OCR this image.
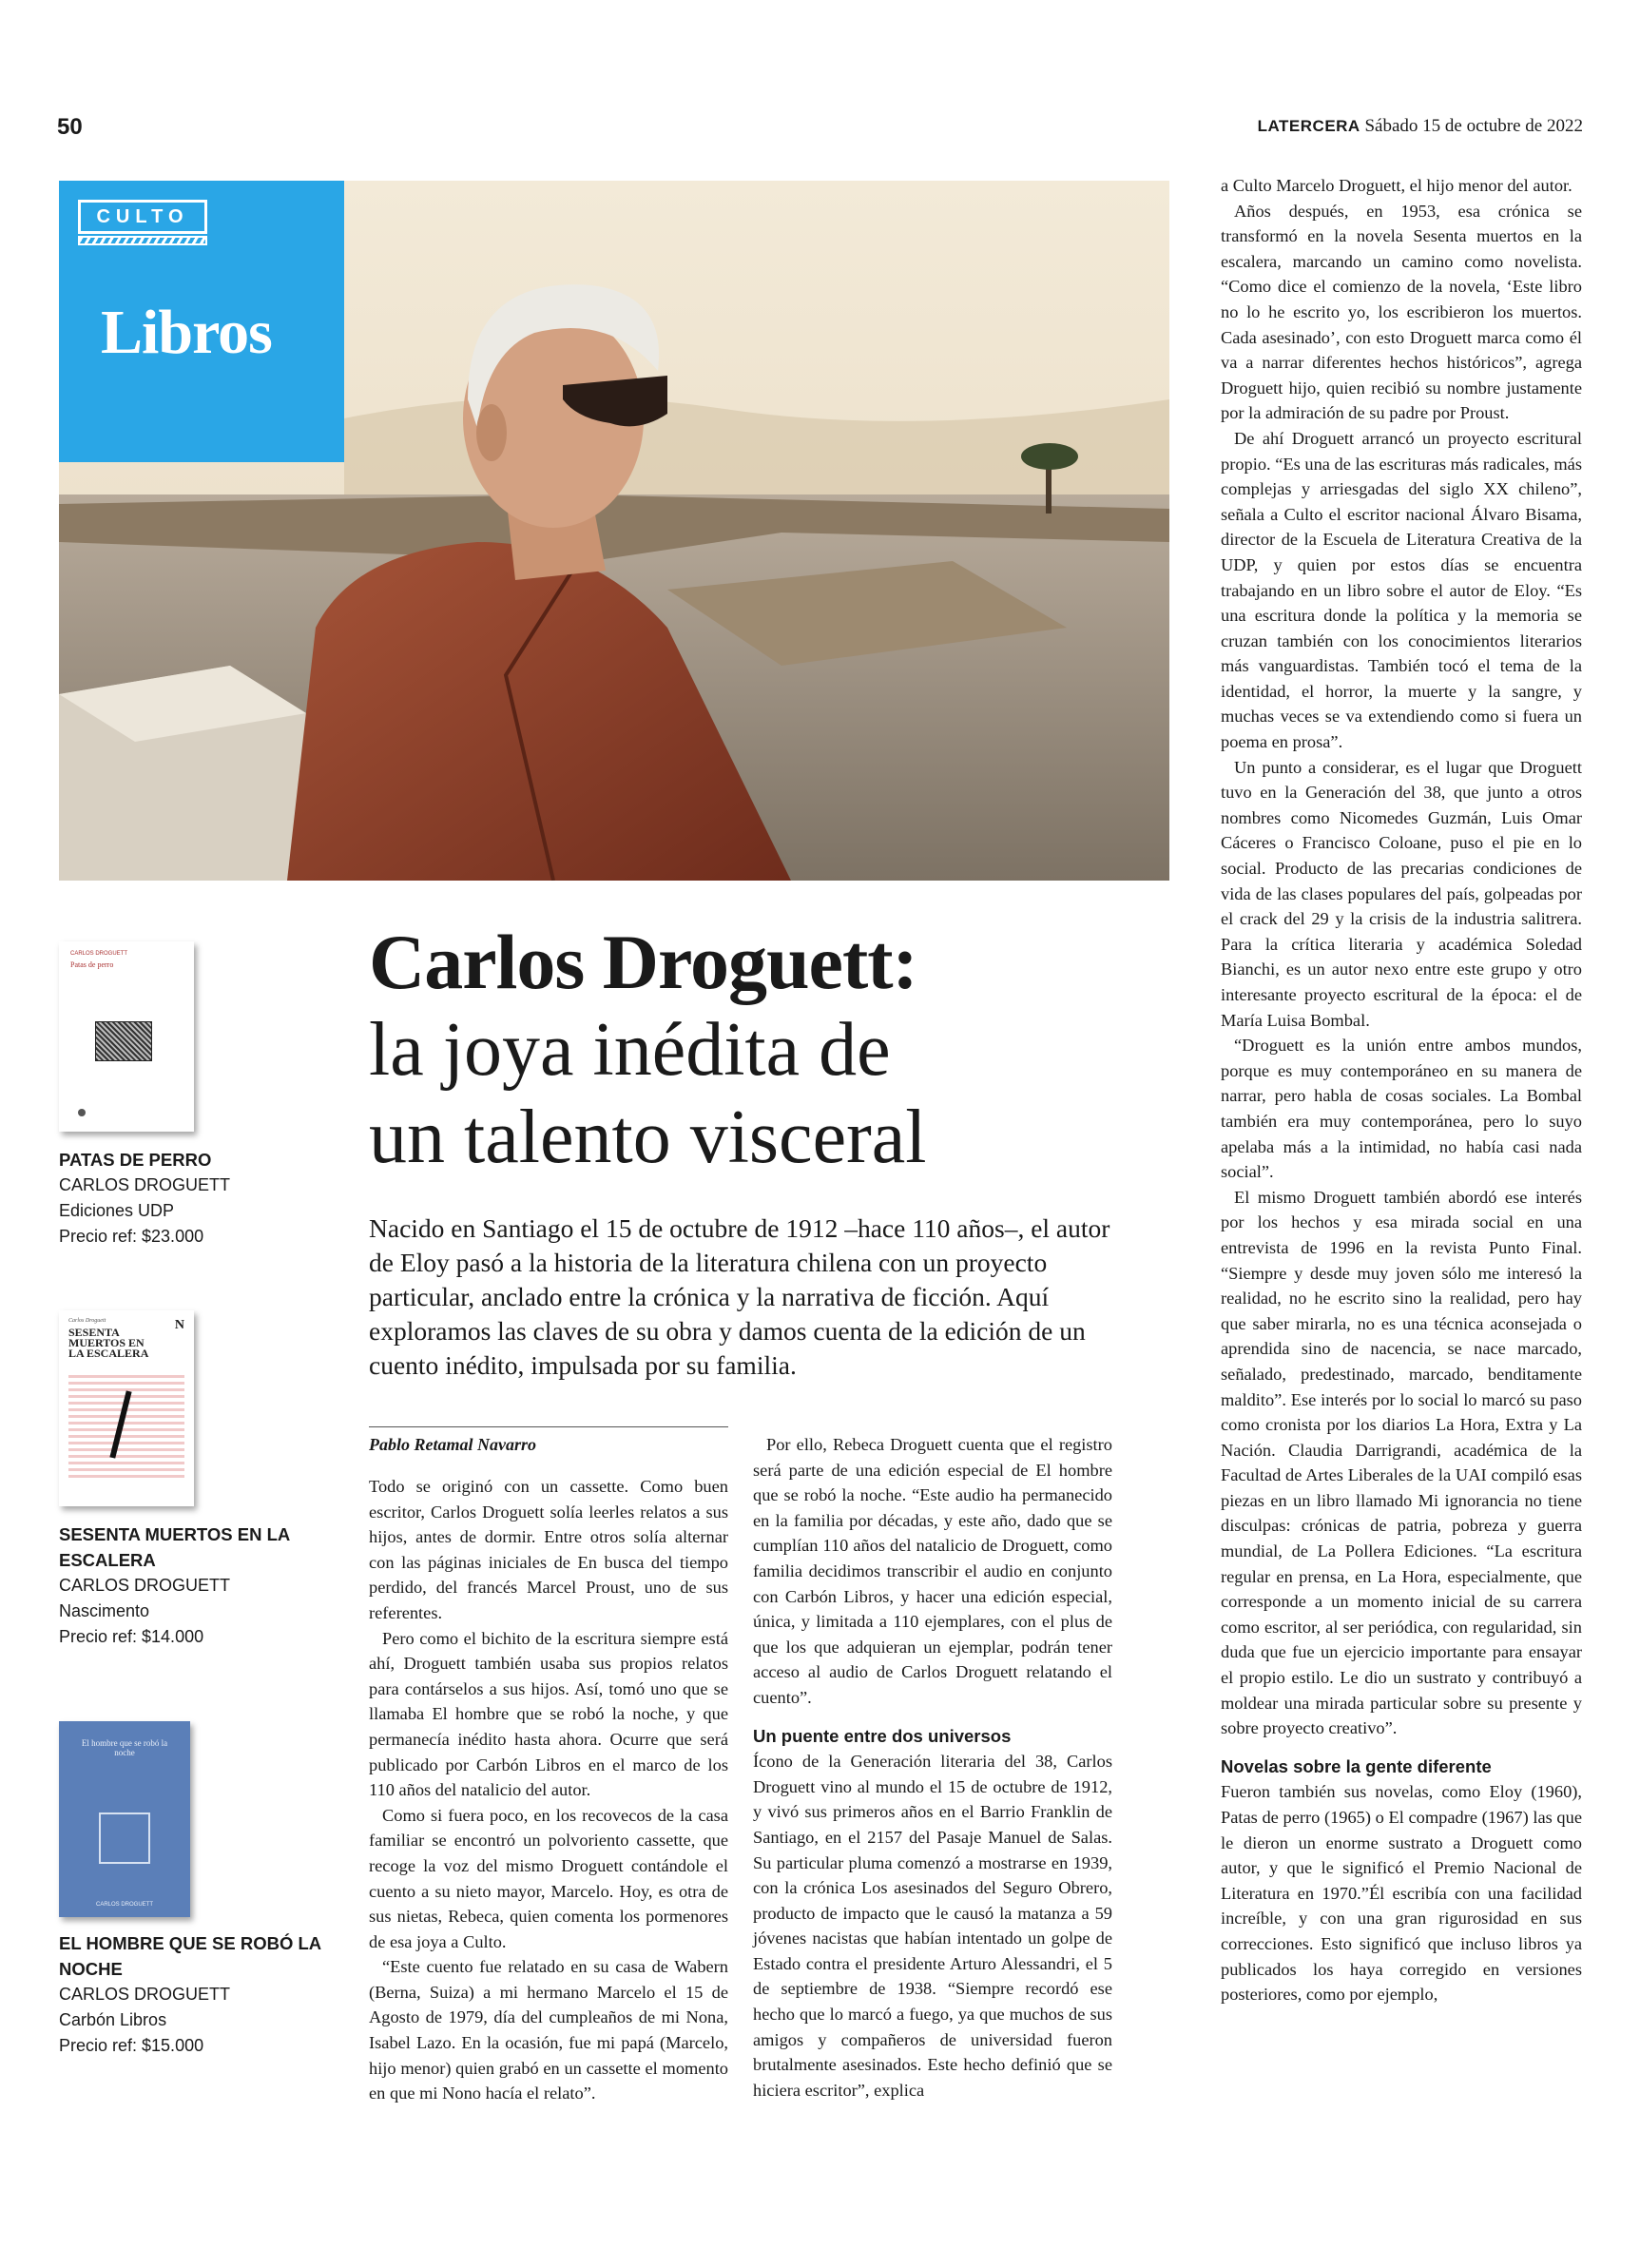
50	LATERCERA Sábado 15 de octubre de 2022
CULTO
Libros
CARLOS DROGUETT
Patas de perro
PATAS DE PERRO
CARLOS DROGUETT
Ediciones UDP
Precio ref: $23.000
Carlos Droguett
SESENTA MUERTOS EN LA ESCALERA
N
SESENTA MUERTOS EN LA ESCALERA
CARLOS DROGUETT
Nascimento
Precio ref: $14.000
El hombre que se robó la noche
CARLOS DROGUETT
EL HOMBRE QUE SE ROBÓ LA NOCHE
CARLOS DROGUETT
Carbón Libros
Precio ref: $15.000
Carlos Droguett:
la joya inédita de
un talento visceral
Nacido en Santiago el 15 de octubre de 1912 –hace 110 años–, el autor de Eloy pasó a la historia de la literatura chilena con un proyecto particular, anclado entre la crónica y la narrativa de ficción. Aquí exploramos las claves de su obra y damos cuenta de la edición de un cuento inédito, impulsada por su familia.
Pablo Retamal Navarro

Todo se originó con un cassette. Como buen escritor, Carlos Droguett solía leerles relatos a sus hijos, antes de dormir. Entre otros solía alternar con las páginas iniciales de En busca del tiempo perdido, del francés Marcel Proust, uno de sus referentes.

Pero como el bichito de la escritura siempre está ahí, Droguett también usaba sus propios relatos para contárselos a sus hijos. Así, tomó uno que se llamaba El hombre que se robó la noche, y que permanecía inédito hasta ahora. Ocurre que será publicado por Carbón Libros en el marco de los 110 años del natalicio del autor.

Como si fuera poco, en los recovecos de la casa familiar se encontró un polvoriento cassette, que recoge la voz del mismo Droguett contándole el cuento a su nieto mayor, Marcelo. Hoy, es otra de sus nietas, Rebeca, quien comenta los pormenores de esa joya a Culto.

“Este cuento fue relatado en su casa de Wabern (Berna, Suiza) a mi hermano Marcelo el 15 de Agosto de 1979, día del cumpleaños de mi Nona, Isabel Lazo. En la ocasión, fue mi papá (Marcelo, hijo menor) quien grabó en un cassette el momento en que mi Nono hacía el relato”.

Por ello, Rebeca Droguett cuenta que el registro será parte de una edición especial de El hombre que se robó la noche. “Este audio ha permanecido en la familia por décadas, y este año, dado que se cumplían 110 años del natalicio de Droguett, como familia decidimos transcribir el audio en conjunto con Carbón Libros, y hacer una edición especial, única, y limitada a 110 ejemplares, con el plus de que los que adquieran un ejemplar, podrán tener acceso al audio de Carlos Droguett relatando el cuento”.

Un puente entre dos universos

Ícono de la Generación literaria del 38, Carlos Droguett vino al mundo el 15 de octubre de 1912, y vivó sus primeros años en el Barrio Franklin de Santiago, en el 2157 del Pasaje Manuel de Salas. Su particular pluma comenzó a mostrarse en 1939, con la crónica Los asesinados del Seguro Obrero, producto de impacto que le causó la matanza a 59 jóvenes nacistas que habían intentado un golpe de Estado contra el presidente Arturo Alessandri, el 5 de septiembre de 1938. “Siempre recordó ese hecho que lo marcó a fuego, ya que muchos de sus amigos y compañeros de universidad fueron brutalmente asesinados. Este hecho definió que se hiciera escritor”, explica

a Culto Marcelo Droguett, el hijo menor del autor.

Años después, en 1953, esa crónica se transformó en la novela Sesenta muertos en la escalera, marcando un camino como novelista. “Como dice el comienzo de la novela, ‘Este libro no lo he escrito yo, los escribieron los muertos. Cada asesinado’, con esto Droguett marca como él va a narrar diferentes hechos históricos”, agrega Droguett hijo, quien recibió su nombre justamente por la admiración de su padre por Proust.

De ahí Droguett arrancó un proyecto escritural propio. “Es una de las escrituras más radicales, más complejas y arriesgadas del siglo XX chileno”, señala a Culto el escritor nacional Álvaro Bisama, director de la Escuela de Literatura Creativa de la UDP, y quien por estos días se encuentra trabajando en un libro sobre el autor de Eloy. “Es una escritura donde la política y la memoria se cruzan también con los conocimientos literarios más vanguardistas. También tocó el tema de la identidad, el horror, la muerte y la sangre, y muchas veces se va extendiendo como si fuera un poema en prosa”.

Un punto a considerar, es el lugar que Droguett tuvo en la Generación del 38, que junto a otros nombres como Nicomedes Guzmán, Luis Omar Cáceres o Francisco Coloane, puso el pie en lo social. Producto de las precarias condiciones de vida de las clases populares del país, golpeadas por el crack del 29 y la crisis de la industria salitrera. Para la crítica literaria y académica Soledad Bianchi, es un autor nexo entre este grupo y otro interesante proyecto escritural de la época: el de María Luisa Bombal.

“Droguett es la unión entre ambos mundos, porque es muy contemporáneo en su manera de narrar, pero habla de cosas sociales. La Bombal también era muy contemporánea, pero lo suyo apelaba más a la intimidad, no había casi nada social”.

El mismo Droguett también abordó ese interés por los hechos y esa mirada social en una entrevista de 1996 en la revista Punto Final. “Siempre y desde muy joven sólo me interesó la realidad, no he escrito sino la realidad, pero hay que saber mirarla, no es una técnica aconsejada o aprendida sino de nacencia, se nace marcado, señalado, predestinado, marcado, benditamente maldito”. Ese interés por lo social lo marcó su paso como cronista por los diarios La Hora, Extra y La Nación. Claudia Darrigrandi, académica de la Facultad de Artes Liberales de la UAI compiló esas piezas en un libro llamado Mi ignorancia no tiene disculpas: crónicas de patria, pobreza y guerra mundial, de La Pollera Ediciones. “La escritura regular en prensa, en La Hora, especialmente, que corresponde a un momento inicial de su carrera como escritor, al ser periódica, con regularidad, sin duda que fue un ejercicio importante para ensayar el propio estilo. Le dio un sustrato y contribuyó a moldear una mirada particular sobre su presente y sobre proyecto creativo”.

Novelas sobre la gente diferente

Fueron también sus novelas, como Eloy (1960), Patas de perro (1965) o El compadre (1967) las que le dieron un enorme sustrato a Droguett como autor, y que le significó el Premio Nacional de Literatura en 1970.”Él escribía con una facilidad increíble, y con una gran rigurosidad en sus correcciones. Esto significó que incluso libros ya publicados los haya corregido en versiones posteriores, como por ejemplo,
